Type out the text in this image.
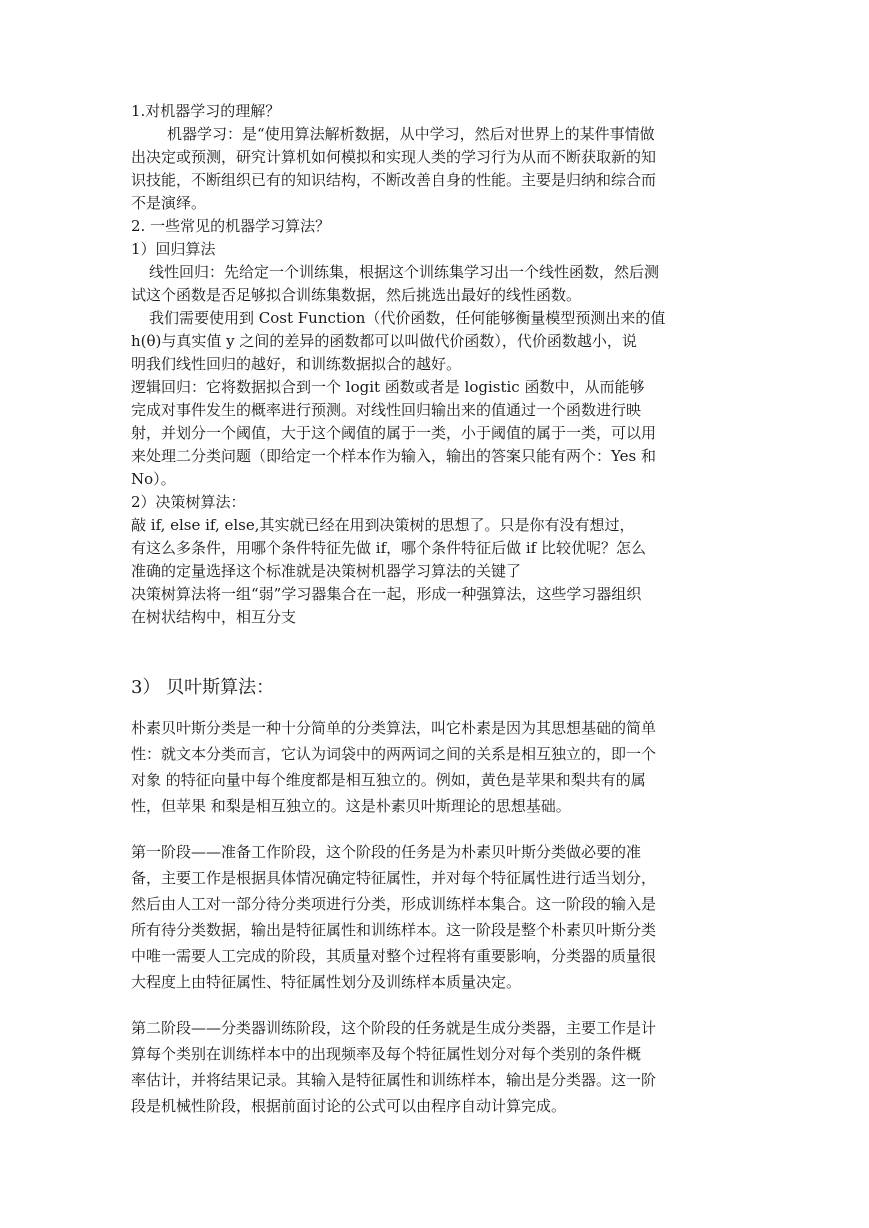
1.对机器学习的理解？

机器学习：是“使用算法解析数据，从中学习，然后对世界上的某件事情做

出决定或预测，研究计算机如何模拟和实现人类的学习行为从而不断获取新的知

识技能，不断组织已有的知识结构，不断改善自身的性能。主要是归纳和综合而

不是演绎。

2. 一些常见的机器学习算法？

1）回归算法

线性回归：先给定一个训练集，根据这个训练集学习出一个线性函数，然后测

试这个函数是否足够拟合训练集数据，然后挑选出最好的线性函数。

我们需要使用到 Cost Function（代价函数，任何能够衡量模型预测出来的值

h(θ)与真实值 y 之间的差异的函数都可以叫做代价函数），代价函数越小，说

明我们线性回归的越好，和训练数据拟合的越好。

逻辑回归：它将数据拟合到一个 logit 函数或者是 logistic 函数中，从而能够

完成对事件发生的概率进行预测。对线性回归输出来的值通过一个函数进行映

射，并划分一个阈值，大于这个阈值的属于一类，小于阈值的属于一类，可以用

来处理二分类问题（即给定一个样本作为输入，输出的答案只能有两个：Yes 和

No）。

2）决策树算法：

敲 if, else if, else,其实就已经在用到决策树的思想了。只是你有没有想过，

有这么多条件，用哪个条件特征先做 if，哪个条件特征后做 if 比较优呢？怎么

准确的定量选择这个标准就是决策树机器学习算法的关键了

决策树算法将一组“弱”学习器集合在一起，形成一种强算法，这些学习器组织

在树状结构中，相互分支

3） 贝叶斯算法：

朴素贝叶斯分类是一种十分简单的分类算法，叫它朴素是因为其思想基础的简单

性：就文本分类而言，它认为词袋中的两两词之间的关系是相互独立的，即一个

对象 的特征向量中每个维度都是相互独立的。例如，黄色是苹果和梨共有的属

性，但苹果 和梨是相互独立的。这是朴素贝叶斯理论的思想基础。

第一阶段——准备工作阶段，这个阶段的任务是为朴素贝叶斯分类做必要的准

备，主要工作是根据具体情况确定特征属性，并对每个特征属性进行适当划分，

然后由人工对一部分待分类项进行分类，形成训练样本集合。这一阶段的输入是

所有待分类数据，输出是特征属性和训练样本。这一阶段是整个朴素贝叶斯分类

中唯一需要人工完成的阶段，其质量对整个过程将有重要影响，分类器的质量很

大程度上由特征属性、特征属性划分及训练样本质量决定。

第二阶段——分类器训练阶段，这个阶段的任务就是生成分类器，主要工作是计

算每个类别在训练样本中的出现频率及每个特征属性划分对每个类别的条件概

率估计，并将结果记录。其输入是特征属性和训练样本，输出是分类器。这一阶

段是机械性阶段，根据前面讨论的公式可以由程序自动计算完成。
